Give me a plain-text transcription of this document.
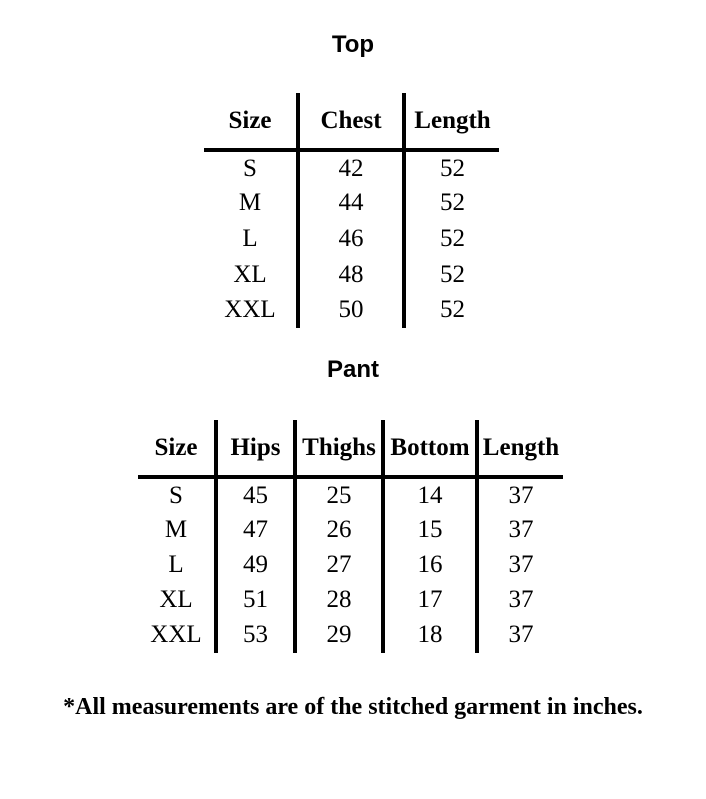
Top
Size	Chest	Length
S	42	52
M	44	52
L	46	52
XL	48	52
XXL	50	52
Pant
Size	Hips	Thighs	Bottom	Length
S	45	25	14	37
M	47	26	15	37
L	49	27	16	37
XL	51	28	17	37
XXL	53	29	18	37
*All measurements are of the stitched garment in inches.
